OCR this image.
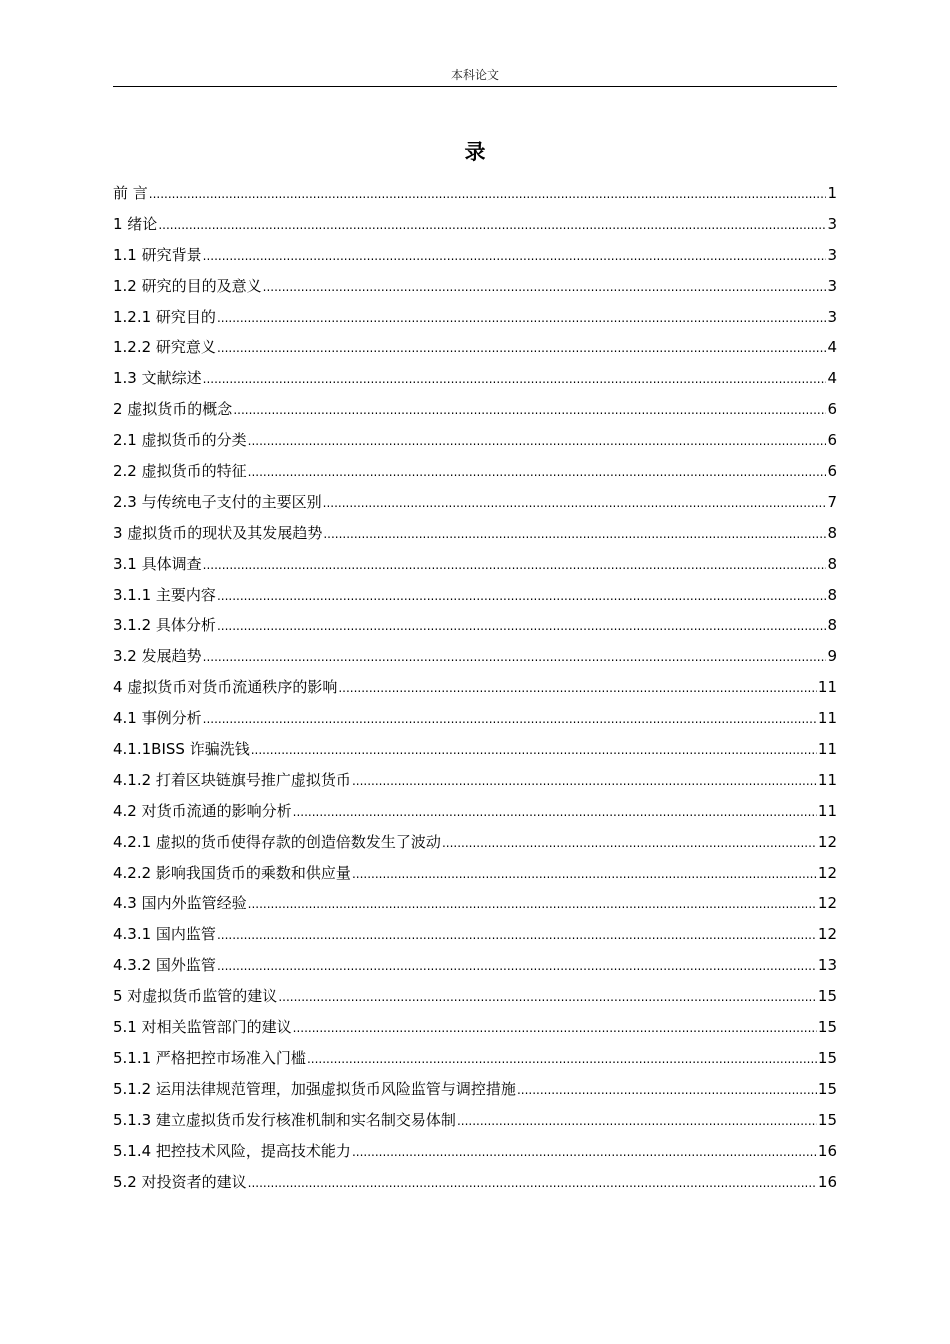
本科论文
录
前 言 .....	1
1 绪论 .....	3
1.1 研究背景 .....	3
1.2 研究的目的及意义 .....	3
1.2.1 研究目的 .....	3
1.2.2 研究意义 .....	4
1.3 文献综述 .....	4
2 虚拟货币的概念 .....	6
2.1 虚拟货币的分类 .....	6
2.2 虚拟货币的特征 .....	6
2.3 与传统电子支付的主要区别 .....	7
3 虚拟货币的现状及其发展趋势 .....	8
3.1 具体调查 .....	8
3.1.1 主要内容 .....	8
3.1.2 具体分析 .....	8
3.2 发展趋势 .....	9
4 虚拟货币对货币流通秩序的影响 .....	11
4.1 事例分析 .....	11
4.1.1BISS 诈骗洗钱 .....	11
4.1.2 打着区块链旗号推广虚拟货币 .....	11
4.2 对货币流通的影响分析 .....	11
4.2.1 虚拟的货币使得存款的创造倍数发生了波动 .....	12
4.2.2 影响我国货币的乘数和供应量 .....	12
4.3 国内外监管经验 .....	12
4.3.1 国内监管 .....	12
4.3.2 国外监管 .....	13
5 对虚拟货币监管的建议 .....	15
5.1 对相关监管部门的建议 .....	15
5.1.1 严格把控市场准入门槛 .....	15
5.1.2 运用法律规范管理，加强虚拟货币风险监管与调控措施 .....	15
5.1.3 建立虚拟货币发行核准机制和实名制交易体制 .....	15
5.1.4 把控技术风险，提高技术能力 .....	16
5.2 对投资者的建议 .....	16
